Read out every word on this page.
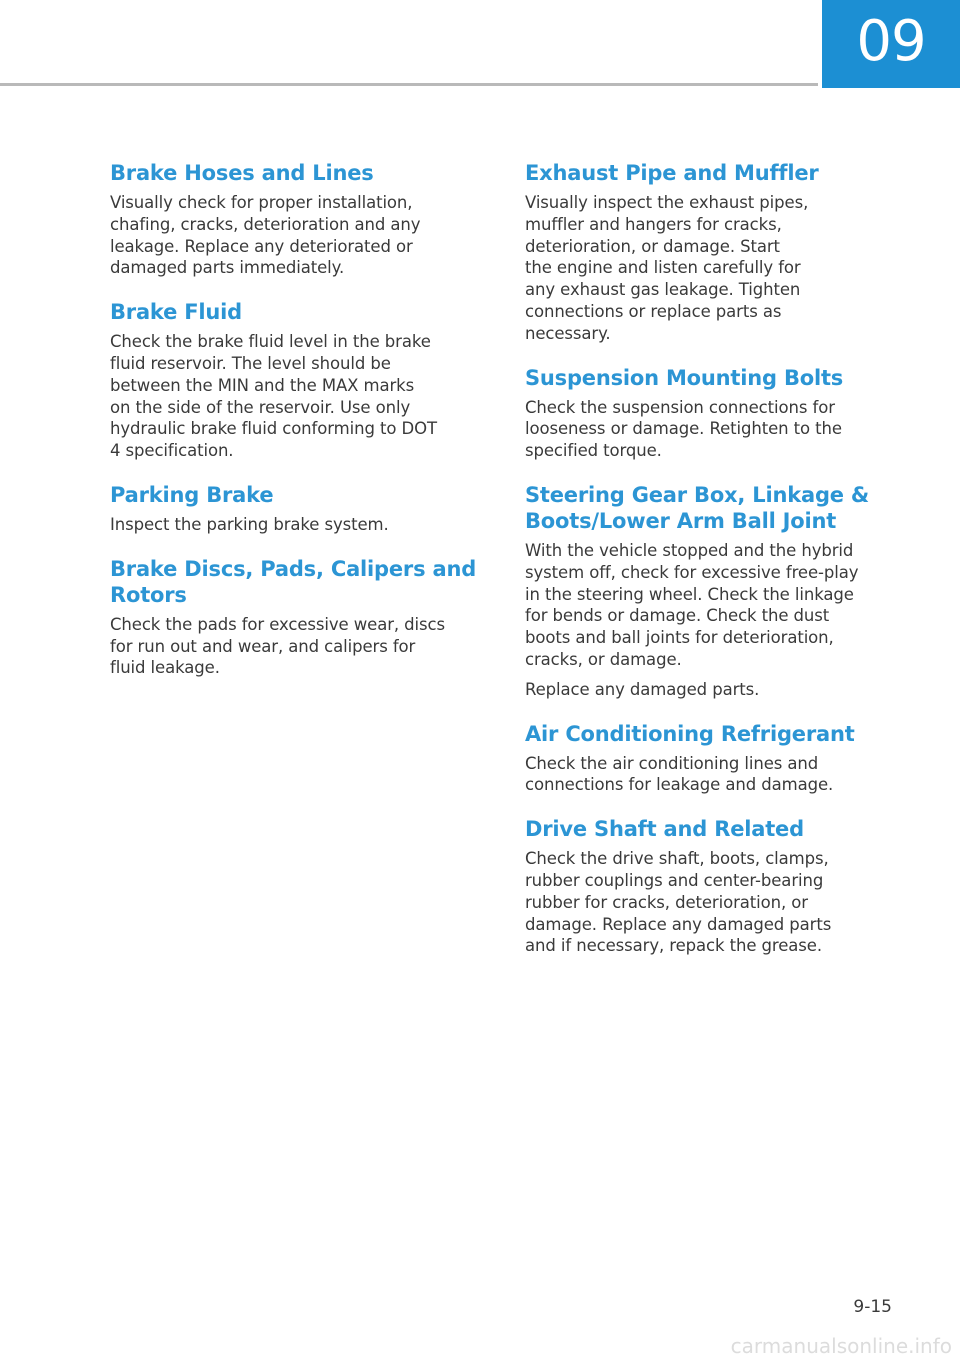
09
Brake Hoses and Lines

Visually check for proper installation,
chafing, cracks, deterioration and any
leakage. Replace any deteriorated or
damaged parts immediately.

Brake Fluid

Check the brake fluid level in the brake
fluid reservoir. The level should be
between the MIN and the MAX marks
on the side of the reservoir. Use only
hydraulic brake fluid conforming to DOT
4 specification.

Parking Brake

Inspect the parking brake system.

Brake Discs, Pads, Calipers and
Rotors

Check the pads for excessive wear, discs
for run out and wear, and calipers for
fluid leakage.

Exhaust Pipe and Muffler

Visually inspect the exhaust pipes,
muffler and hangers for cracks,
deterioration, or damage. Start
the engine and listen carefully for
any exhaust gas leakage. Tighten
connections or replace parts as
necessary.

Suspension Mounting Bolts

Check the suspension connections for
looseness or damage. Retighten to the
specified torque.

Steering Gear Box, Linkage &
Boots/Lower Arm Ball Joint

With the vehicle stopped and the hybrid
system off, check for excessive free-play
in the steering wheel. Check the linkage
for bends or damage. Check the dust
boots and ball joints for deterioration,
cracks, or damage.

Replace any damaged parts.

Air Conditioning Refrigerant

Check the air conditioning lines and
connections for leakage and damage.

Drive Shaft and Related

Check the drive shaft, boots, clamps,
rubber couplings and center-bearing
rubber for cracks, deterioration, or
damage. Replace any damaged parts
and if necessary, repack the grease.

9-15
carmanualsonline.info
